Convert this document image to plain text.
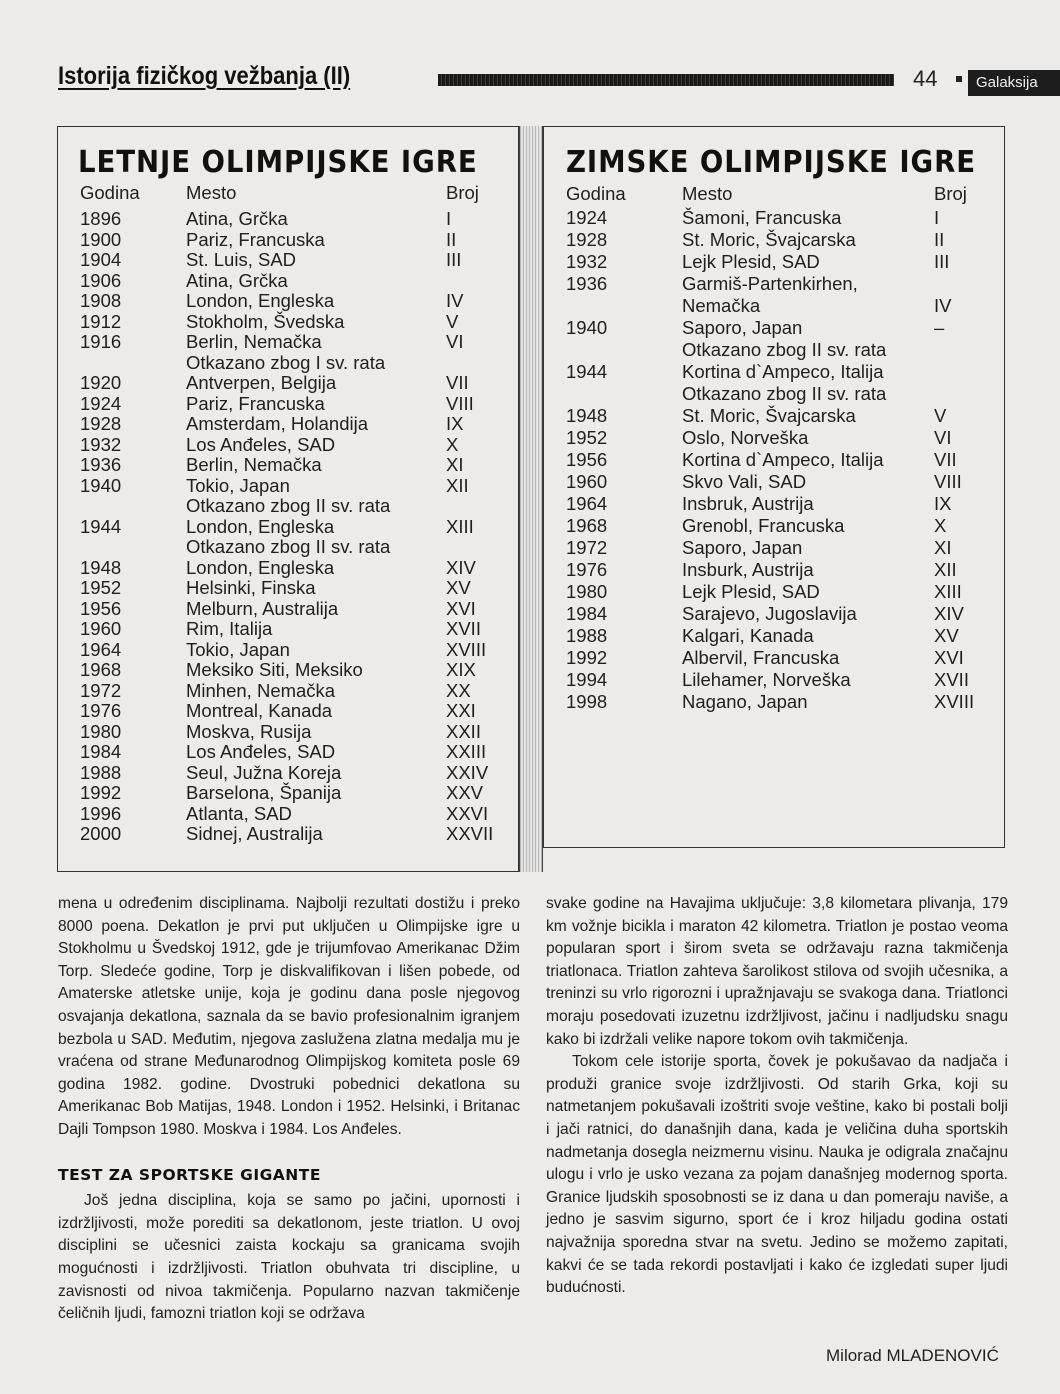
Istorija fizičkog vežbanja (II)	44	Galaksija
LETNJE OLIMPIJSKE IGRE
Godina	Mesto	Broj
1896	Atina, Grčka	I
1900	Pariz, Francuska	II
1904	St. Luis, SAD	III
1906	Atina, Grčka
1908	London, Engleska	IV
1912	Stokholm, Švedska	V
1916	Berlin, Nemačka	VI
Otkazano zbog I sv. rata
1920	Antverpen, Belgija	VII
1924	Pariz, Francuska	VIII
1928	Amsterdam, Holandija	IX
1932	Los Anđeles, SAD	X
1936	Berlin, Nemačka	XI
1940	Tokio, Japan	XII
Otkazano zbog II sv. rata
1944	London, Engleska	XIII
Otkazano zbog II sv. rata
1948	London, Engleska	XIV
1952	Helsinki, Finska	XV
1956	Melburn, Australija	XVI
1960	Rim, Italija	XVII
1964	Tokio, Japan	XVIII
1968	Meksiko Siti, Meksiko	XIX
1972	Minhen, Nemačka	XX
1976	Montreal, Kanada	XXI
1980	Moskva, Rusija	XXII
1984	Los Anđeles, SAD	XXIII
1988	Seul, Južna Koreja	XXIV
1992	Barselona, Španija	XXV
1996	Atlanta, SAD	XXVI
2000	Sidnej, Australija	XXVII
ZIMSKE OLIMPIJSKE IGRE
Godina	Mesto	Broj
1924	Šamoni, Francuska	I
1928	St. Moric, Švajcarska	II
1932	Lejk Plesid, SAD	III
1936	Garmiš-Partenkirhen,
Nemačka	IV
1940	Saporo, Japan	–
Otkazano zbog II sv. rata
1944	Kortina d`Ampeco, Italija
Otkazano zbog II sv. rata
1948	St. Moric, Švajcarska	V
1952	Oslo, Norveška	VI
1956	Kortina d`Ampeco, Italija	VII
1960	Skvo Vali, SAD	VIII
1964	Insbruk, Austrija	IX
1968	Grenobl, Francuska	X
1972	Saporo, Japan	XI
1976	Insburk, Austrija	XII
1980	Lejk Plesid, SAD	XIII
1984	Sarajevo, Jugoslavija	XIV
1988	Kalgari, Kanada	XV
1992	Albervil, Francuska	XVI
1994	Lilehamer, Norveška	XVII
1998	Nagano, Japan	XVIII

mena u određenim disciplinama. Najbolji rezultati dostižu i preko 8000 poena. Dekatlon je prvi put uključen u Olimpijske igre u Stokholmu u Švedskoj 1912, gde je trijumfovao Amerikanac Džim Torp. Sledeće godine, Torp je diskvalifikovan i lišen pobede, od Amaterske atletske unije, koja je godinu dana posle njegovog osvajanja dekatlona, saznala da se bavio profesionalnim igranjem bezbola u SAD. Međutim, njegova zaslužena zlatna medalja mu je vraćena od strane Međunarodnog Olimpijskog komiteta posle 69 godina 1982. godine. Dvostruki pobednici dekatlona su Amerikanac Bob Matijas, 1948. London i 1952. Helsinki, i Britanac Dajli Tompson 1980. Moskva i 1984. Los Anđeles.

TEST ZA SPORTSKE GIGANTE

Još jedna disciplina, koja se samo po jačini, upornosti i izdržljivosti, može porediti sa dekatlonom, jeste triatlon. U ovoj disciplini se učesnici zaista kockaju sa granicama svojih mogućnosti i izdržljivosti. Triatlon obuhvata tri discipline, u zavisnosti od nivoa takmičenja. Popularno nazvan takmičenje čeličnih ljudi, famozni triatlon koji se održava

svake godine na Havajima uključuje: 3,8 kilometara plivanja, 179 km vožnje bicikla i maraton 42 kilometra. Triatlon je postao veoma popularan sport i širom sveta se održavaju razna takmičenja triatlonaca. Triatlon zahteva šarolikost stilova od svojih učesnika, a treninzi su vrlo rigorozni i upražnjavaju se svakoga dana. Triatlonci moraju posedovati izuzetnu izdržljivost, jačinu i nadljudsku snagu kako bi izdržali velike napore tokom ovih takmičenja.

Tokom cele istorije sporta, čovek je pokušavao da nadjača i produži granice svoje izdržljivosti. Od starih Grka, koji su natmetanjem pokušavali izoštriti svoje veštine, kako bi postali bolji i jači ratnici, do današnjih dana, kada je veličina duha sportskih nadmetanja dosegla neizmernu visinu. Nauka je odigrala značajnu ulogu i vrlo je usko vezana za pojam današnjeg modernog sporta. Granice ljudskih sposobnosti se iz dana u dan pomeraju naviše, a jedno je sasvim sigurno, sport će i kroz hiljadu godina ostati najvažnija sporedna stvar na svetu. Jedino se možemo zapitati, kakvi će se tada rekordi postavljati i kako će izgledati super ljudi budućnosti.

Milorad MLADENOVIĆ
